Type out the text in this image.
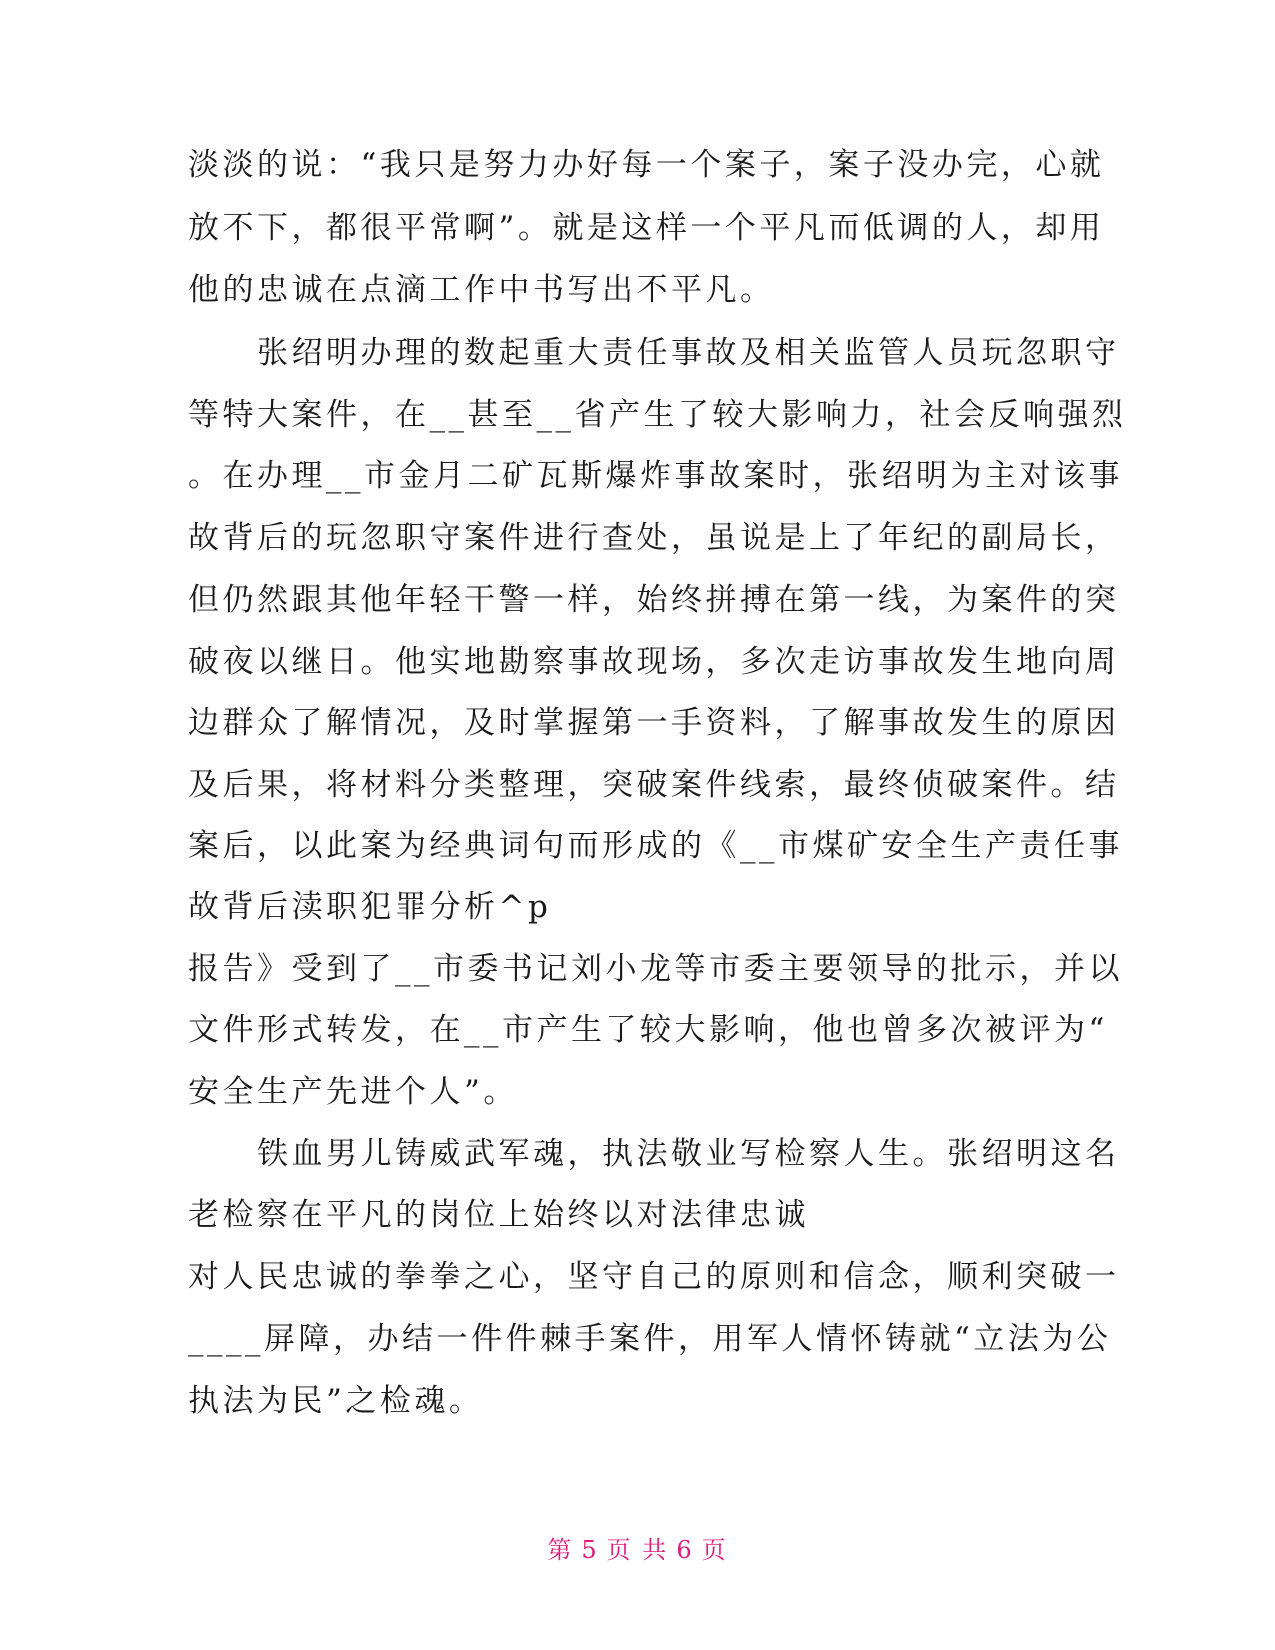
淡淡的说：“我只是努力办好每一个案子，案子没办完，心就
放不下，都很平常啊”。就是这样一个平凡而低调的人，却用
他的忠诚在点滴工作中书写出不平凡。
　　张绍明办理的数起重大责任事故及相关监管人员玩忽职守
等特大案件，在__甚至__省产生了较大影响力，社会反响强烈
。在办理__市金月二矿瓦斯爆炸事故案时，张绍明为主对该事
故背后的玩忽职守案件进行查处，虽说是上了年纪的副局长，
但仍然跟其他年轻干警一样，始终拼搏在第一线，为案件的突
破夜以继日。他实地勘察事故现场，多次走访事故发生地向周
边群众了解情况，及时掌握第一手资料，了解事故发生的原因
及后果，将材料分类整理，突破案件线索，最终侦破案件。结
案后，以此案为经典词句而形成的《__市煤矿安全生产责任事
故背后渎职犯罪分析^p
报告》受到了__市委书记刘小龙等市委主要领导的批示，并以
文件形式转发，在__市产生了较大影响，他也曾多次被评为“
安全生产先进个人”。
　　铁血男儿铸威武军魂，执法敬业写检察人生。张绍明这名
老检察在平凡的岗位上始终以对法律忠诚
对人民忠诚的拳拳之心，坚守自己的原则和信念，顺利突破一
____屏障，办结一件件棘手案件，用军人情怀铸就“立法为公
执法为民”之检魂。
第 5 页 共 6 页
